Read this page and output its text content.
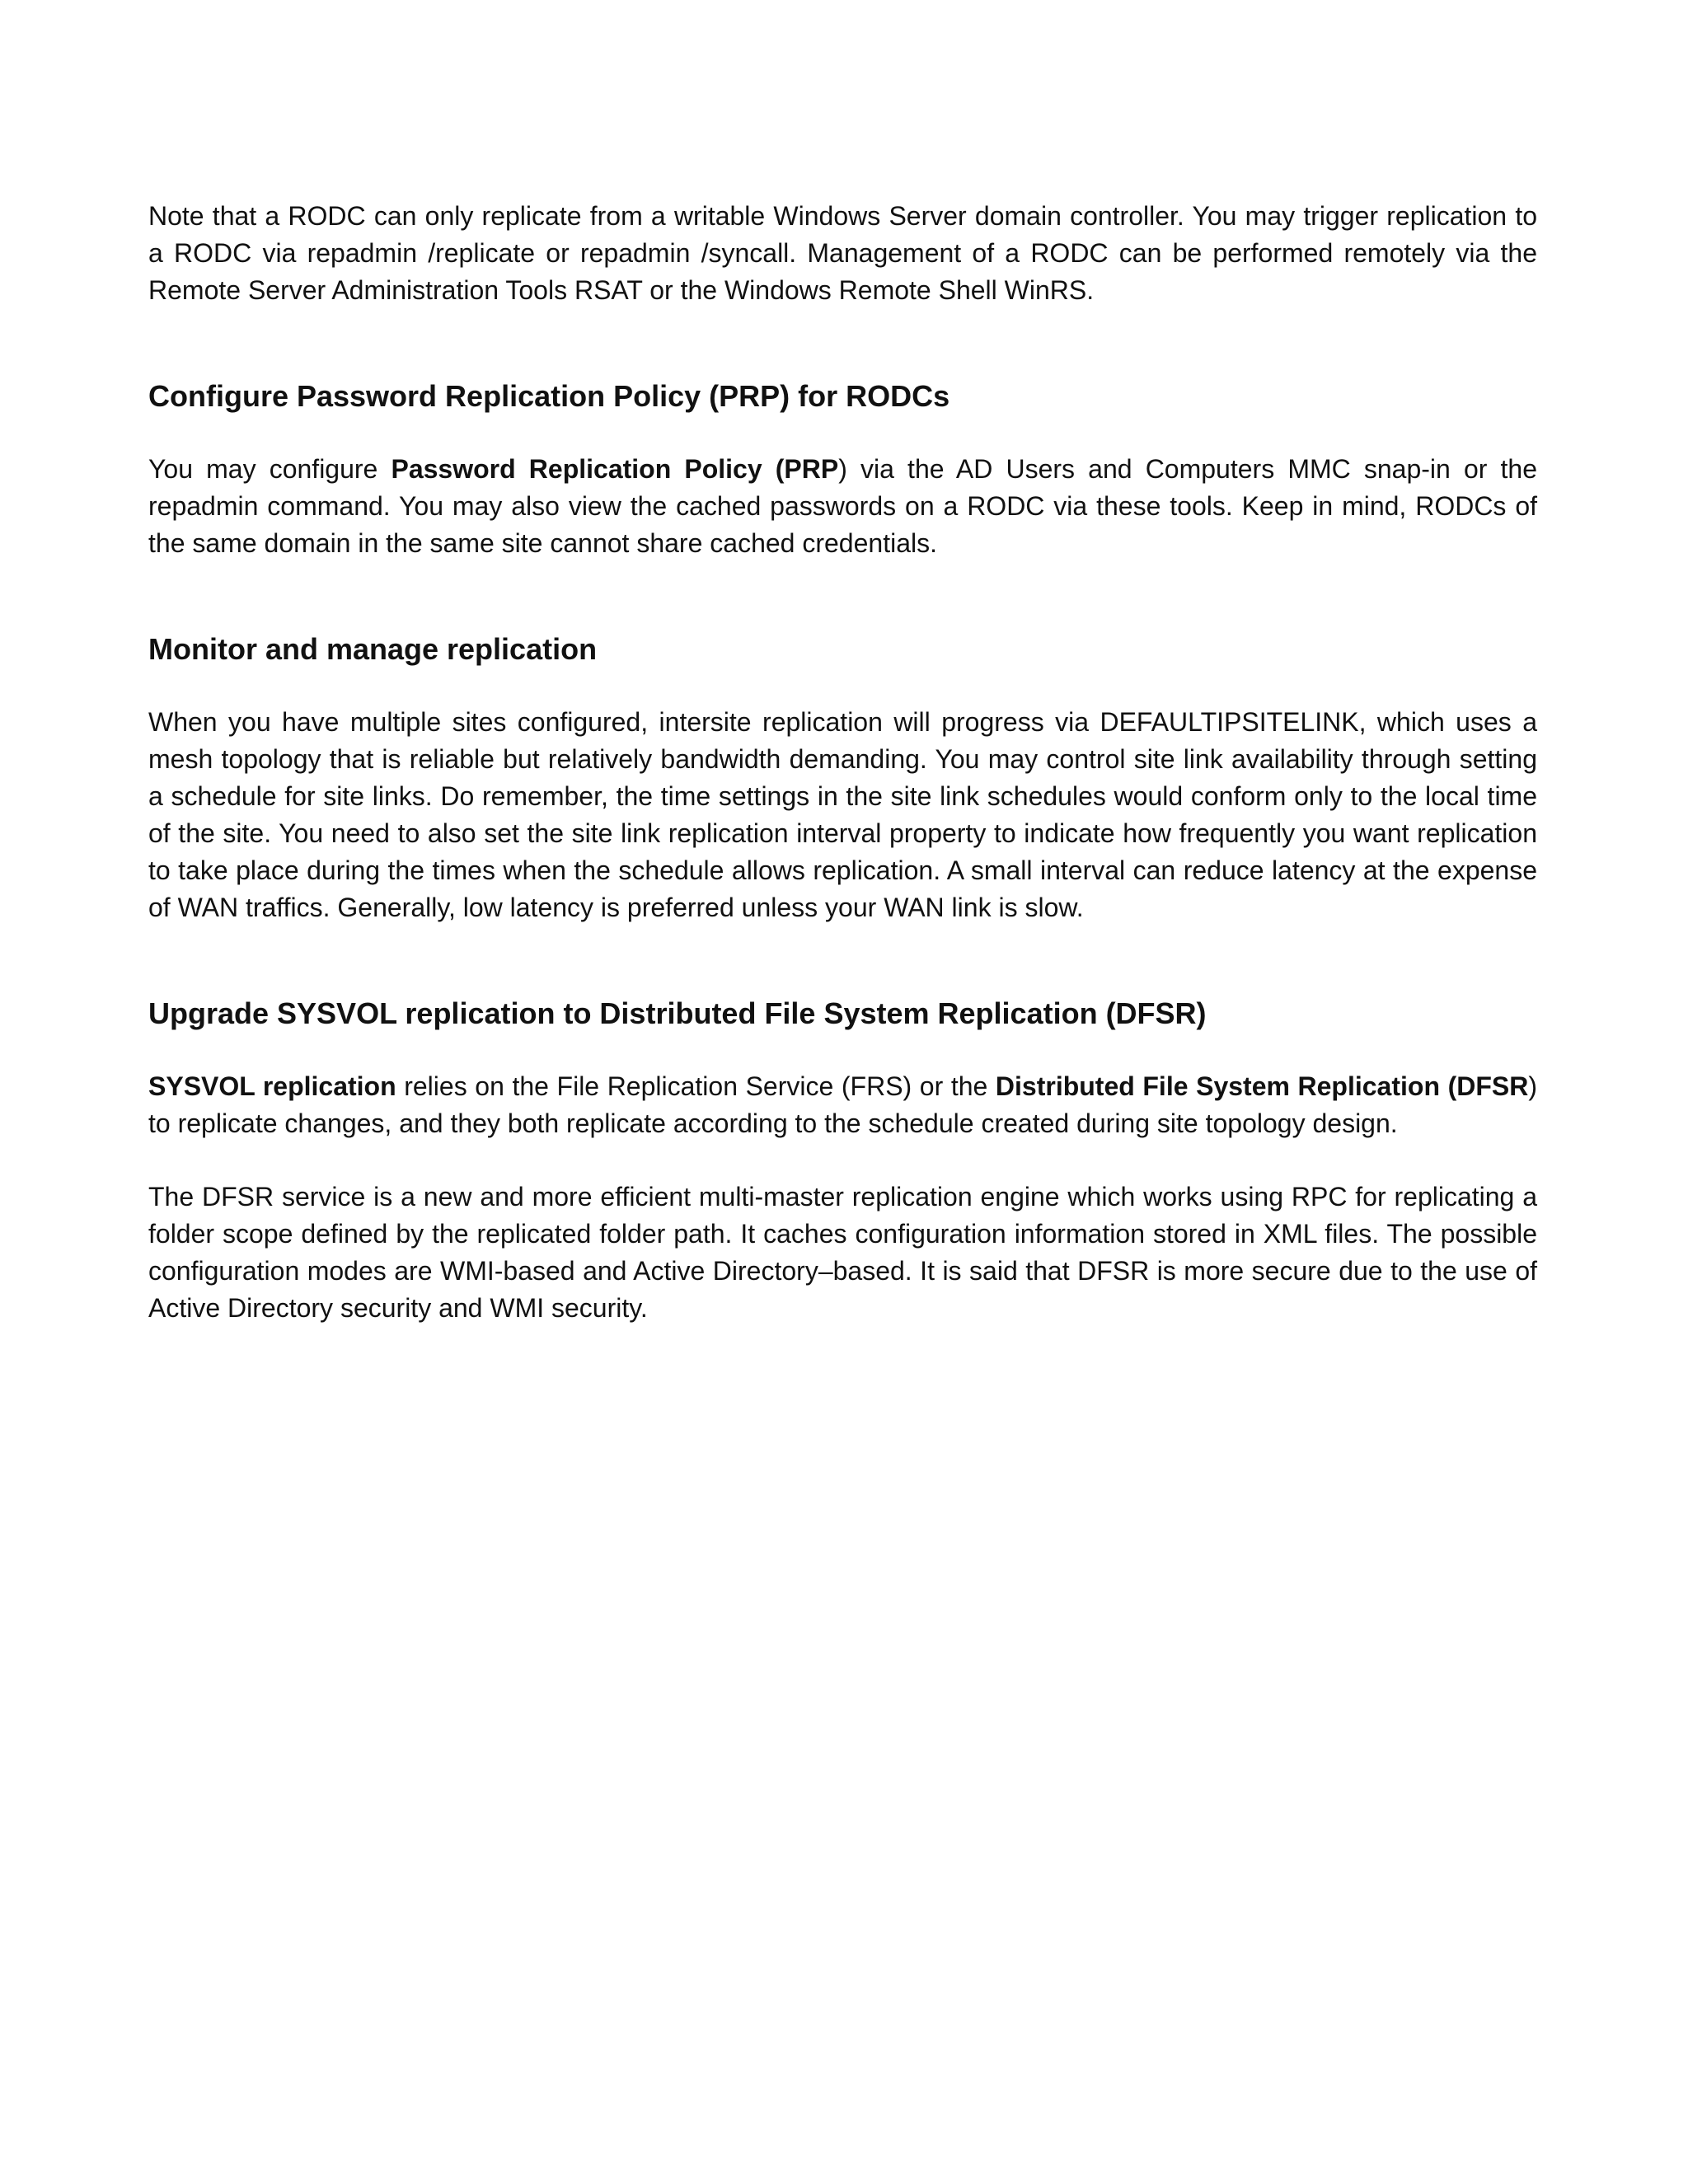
Note that a RODC can only replicate from a writable Windows Server domain controller. You may trigger replication to a RODC via repadmin /replicate or repadmin /syncall. Management of a RODC can be performed remotely via the Remote Server Administration Tools RSAT or the Windows Remote Shell WinRS.

Configure Password Replication Policy (PRP) for RODCs

You may configure Password Replication Policy (PRP) via the AD Users and Computers MMC snap-in or the repadmin command. You may also view the cached passwords on a RODC via these tools. Keep in mind, RODCs of the same domain in the same site cannot share cached credentials.

Monitor and manage replication

When you have multiple sites configured, intersite replication will progress via DEFAULTIPSITELINK, which uses a mesh topology that is reliable but relatively bandwidth demanding. You may control site link availability through setting a schedule for site links. Do remember, the time settings in the site link schedules would conform only to the local time of the site. You need to also set the site link replication interval property to indicate how frequently you want replication to take place during the times when the schedule allows replication. A small interval can reduce latency at the expense of WAN traffics. Generally, low latency is preferred unless your WAN link is slow.

Upgrade SYSVOL replication to Distributed File System Replication (DFSR)

SYSVOL replication relies on the File Replication Service (FRS) or the Distributed File System Replication (DFSR) to replicate changes, and they both replicate according to the schedule created during site topology design.

The DFSR service is a new and more efficient multi-master replication engine which works using RPC for replicating a folder scope defined by the replicated folder path. It caches configuration information stored in XML files. The possible configuration modes are WMI-based and Active Directory–based. It is said that DFSR is more secure due to the use of Active Directory security and WMI security.
